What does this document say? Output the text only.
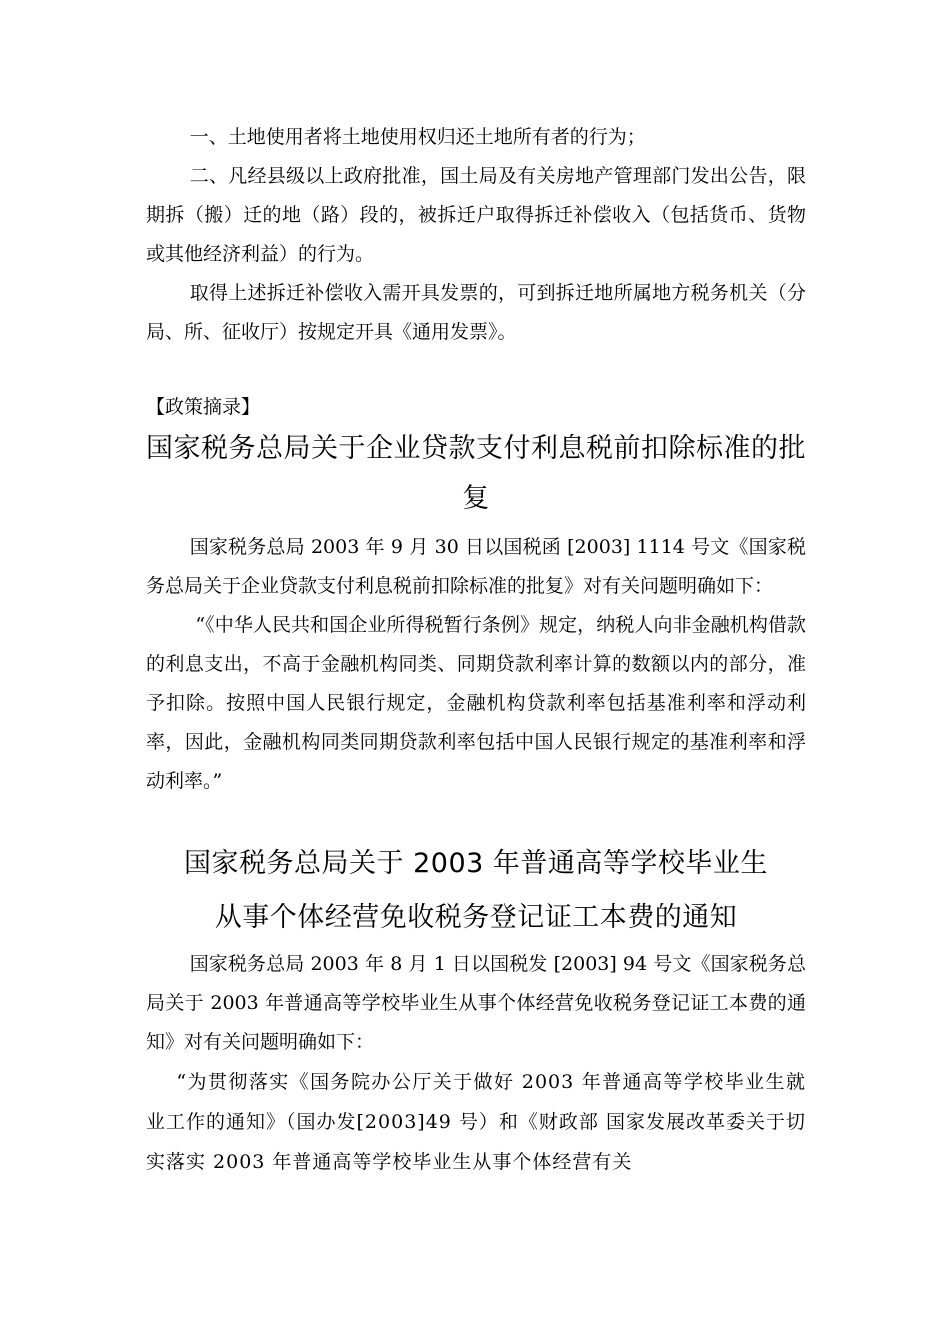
一、土地使用者将土地使用权归还土地所有者的行为；

二、凡经县级以上政府批准，国土局及有关房地产管理部门发出公告，限期拆（搬）迁的地（路）段的，被拆迁户取得拆迁补偿收入（包括货币、货物或其他经济利益）的行为。

取得上述拆迁补偿收入需开具发票的，可到拆迁地所属地方税务机关（分局、所、征收厅）按规定开具《通用发票》。

【政策摘录】
国家税务总局关于企业贷款支付利息税前扣除标准的批复

国家税务总局 2003 年 9 月 30 日以国税函 [2003] 1114 号文《国家税务总局关于企业贷款支付利息税前扣除标准的批复》对有关问题明确如下：

“《中华人民共和国企业所得税暂行条例》规定，纳税人向非金融机构借款的利息支出，不高于金融机构同类、同期贷款利率计算的数额以内的部分，准予扣除。按照中国人民银行规定，金融机构贷款利率包括基准利率和浮动利率，因此，金融机构同类同期贷款利率包括中国人民银行规定的基准利率和浮动利率。”

国家税务总局关于 2003 年普通高等学校毕业生
从事个体经营免收税务登记证工本费的通知

国家税务总局 2003 年 8 月 1 日以国税发 [2003] 94 号文《国家税务总局关于 2003 年普通高等学校毕业生从事个体经营免收税务登记证工本费的通知》对有关问题明确如下：

“为贯彻落实《国务院办公厅关于做好 2003 年普通高等学校毕业生就业工作的通知》（国办发[2003]49 号）和《财政部 国家发展改革委关于切实落实 2003 年普通高等学校毕业生从事个体经营有关
